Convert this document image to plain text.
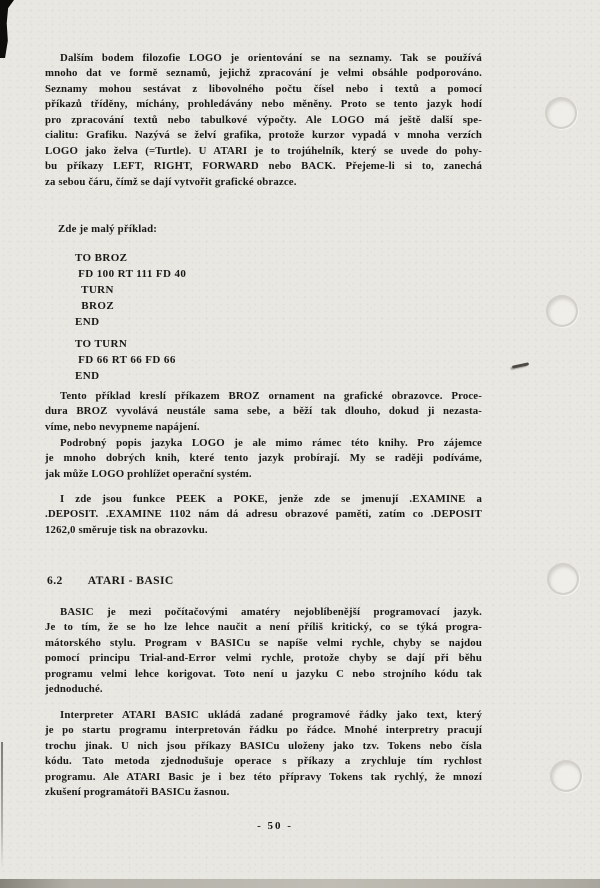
Dalším bodem filozofie LOGO je orientování se na seznamy. Tak se používá
mnoho dat ve formě seznamů, jejichž zpracování je velmi obsáhle podporováno.
Seznamy mohou sestávat z libovolného počtu čísel nebo i textů a pomocí
příkazů tříděny, míchány, prohledávány nebo měněny. Proto se tento jazyk hodí
pro zpracování textů nebo tabulkové výpočty. Ale LOGO má ještě další spe-
cialitu: Grafiku. Nazývá se želví grafika, protože kurzor vypadá v mnoha verzích
LOGO jako želva (=Turtle). U ATARI je to trojúhelník, který se uvede do pohy-
bu příkazy LEFT, RIGHT, FORWARD nebo BACK. Přejeme-li si to, zanechá
za sebou čáru, čímž se dají vytvořit grafické obrazce.
Zde je malý příklad:
TO BROZ
FD 100 RT 111 FD 40
TURN
BROZ
END
TO TURN
FD 66 RT 66 FD 66
END
Tento příklad kreslí příkazem BROZ ornament na grafické obrazovce. Proce-
dura BROZ vyvolává neustále sama sebe, a běží tak dlouho, dokud ji nezasta-
víme, nebo nevypneme napájení.
Podrobný popis jazyka LOGO je ale mimo rámec této knihy. Pro zájemce
je mnoho dobrých knih, které tento jazyk probírají. My se raději podíváme,
jak může LOGO prohlížet operační systém.
I zde jsou funkce PEEK a POKE, jenže zde se jmenují .EXAMINE a
.DEPOSIT. .EXAMINE 1102 nám dá adresu obrazové paměti, zatím co .DEPOSIT
1262,0 směruje tisk na obrazovku.
6.2 ATARI - BASIC
BASIC je mezi počítačovými amatéry nejoblíbenější programovací jazyk.
Je to tím, že se ho lze lehce naučit a není příliš kritický, co se týká progra-
mátorského stylu. Program v BASICu se napíše velmi rychle, chyby se najdou
pomocí principu Trial-and-Error velmi rychle, protože chyby se dají při běhu
programu velmi lehce korigovat. Toto není u jazyku C nebo strojního kódu tak
jednoduché.
Interpreter ATARI BASIC ukládá zadané programové řádky jako text, který
je po startu programu interpretován řádku po řádce. Mnohé interpretry pracují
trochu jinak. U nich jsou příkazy BASICu uloženy jako tzv. Tokens nebo čísla
kódu. Tato metoda zjednodušuje operace s příkazy a zrychluje tím rychlost
programu. Ale ATARI Basic je i bez této přípravy Tokens tak rychlý, že mnozí
zkušení programátoři BASICu žasnou.
- 50 -
